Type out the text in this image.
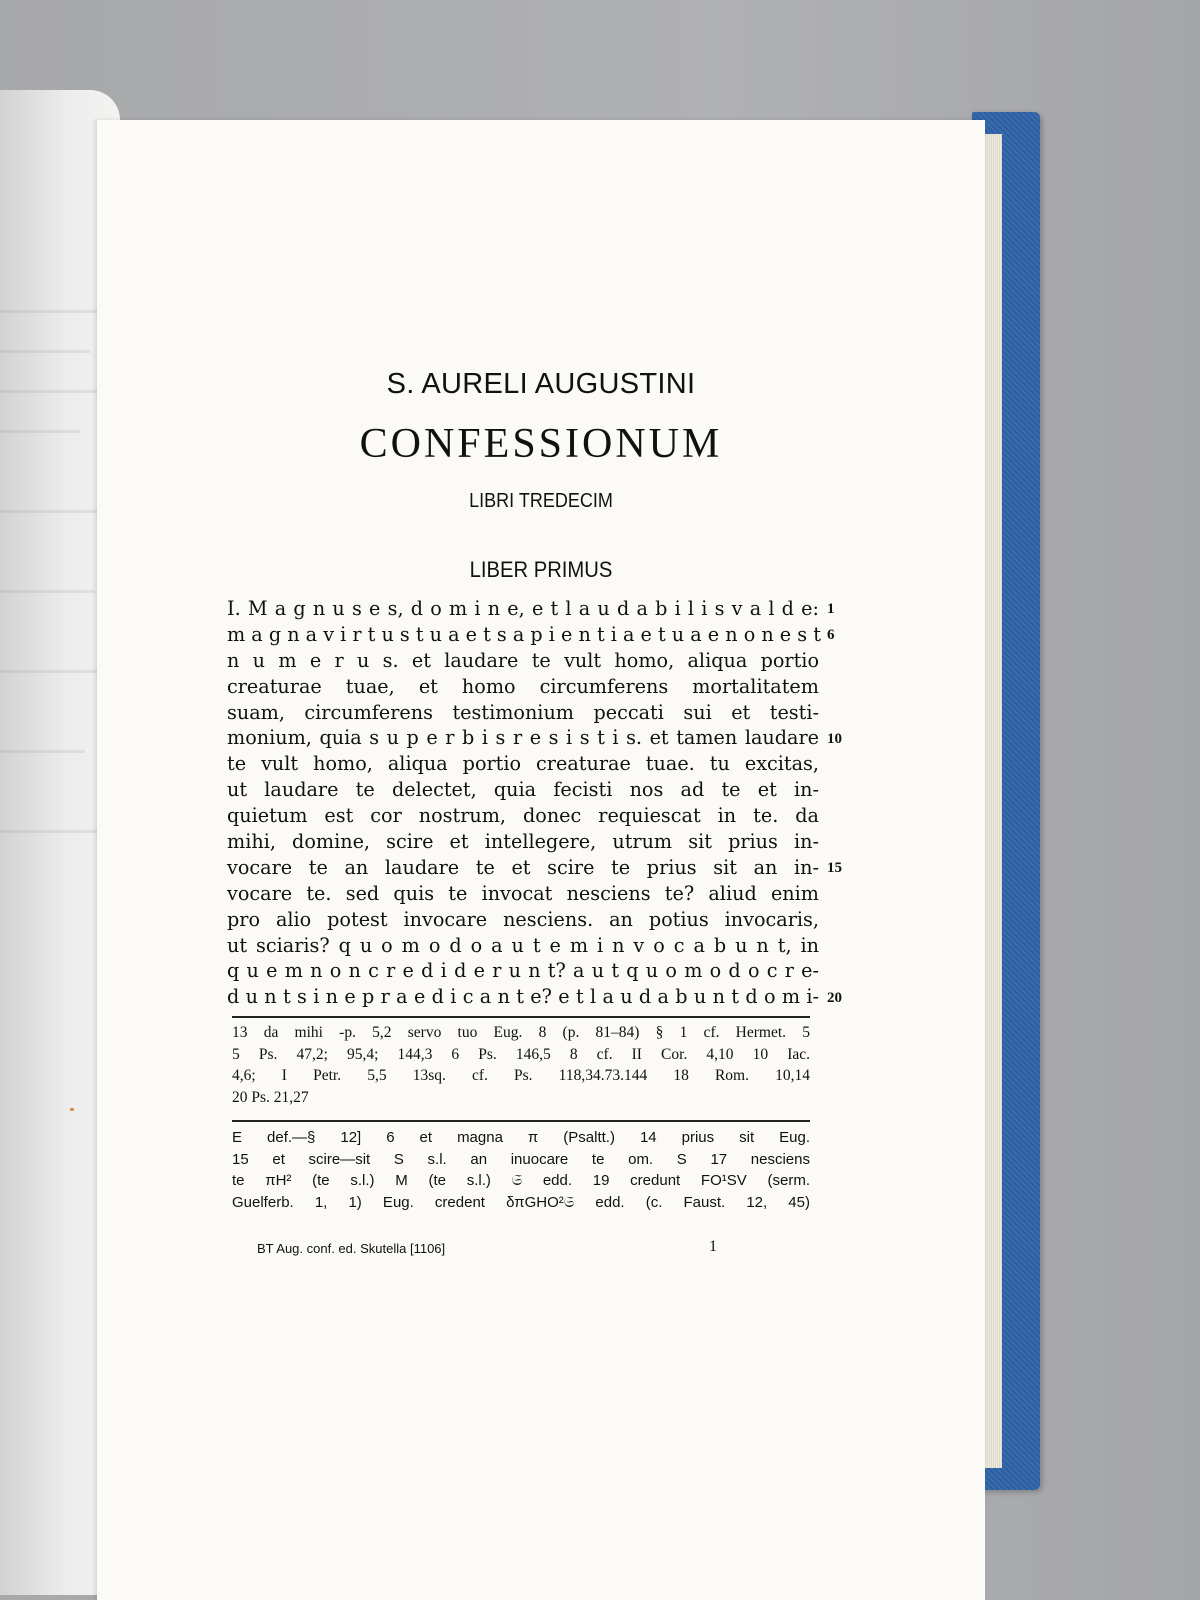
S. AURELI AUGUSTINI
CONFESSIONUM
LIBRI TREDECIM
LIBER PRIMUS
I. M a g n u s e s, d o m i n e, e t l a u d a b i l i s v a l d e:
m a g n a v i r t u s t u a e t s a p i e n t i a e t u a e n o n e s t
n u m e r u s. et laudare te vult homo, aliqua portio
creaturae tuae, et homo circumferens mortalitatem
suam, circumferens testimonium peccati sui et testi-
monium, quia s u p e r b i s r e s i s t i s. et tamen laudare
te vult homo, aliqua portio creaturae tuae. tu excitas,
ut laudare te delectet, quia fecisti nos ad te et in-
quietum est cor nostrum, donec requiescat in te. da
mihi, domine, scire et intellegere, utrum sit prius in-
vocare te an laudare te et scire te prius sit an in-
vocare te. sed quis te invocat nesciens te? aliud enim
pro alio potest invocare nesciens. an potius invocaris,
ut sciaris? q u o m o d o a u t e m i n v o c a b u n t, in
q u e m n o n c r e d i d e r u n t? a u t q u o m o d o c r e-
d u n t s i n e p r a e d i c a n t e? e t l a u d a b u n t d o m i-
1
6
10
15
20
13 da mihi -p. 5,2 servo tuo Eug. 8 (p. 81–84) § 1 cf. Hermet. 5
5 Ps. 47,2; 95,4; 144,3 6 Ps. 146,5 8 cf. II Cor. 4,10 10 Iac.
4,6; I Petr. 5,5 13sq. cf. Ps. 118,34.73.144 18 Rom. 10,14
20 Ps. 21,27
E def.—§ 12] 6 et magna π (Psaltt.) 14 prius sit Eug.
15 et scire—sit S s.l. an inuocare te om. S 17 nesciens
te πH² (te s.l.) M (te s.l.) 𝔖 edd. 19 credunt FO¹SV (serm.
Guelferb. 1, 1) Eug. credent δπGHO²𝔖 edd. (c. Faust. 12, 45)
BT Aug. conf. ed. Skutella [1106]	1
